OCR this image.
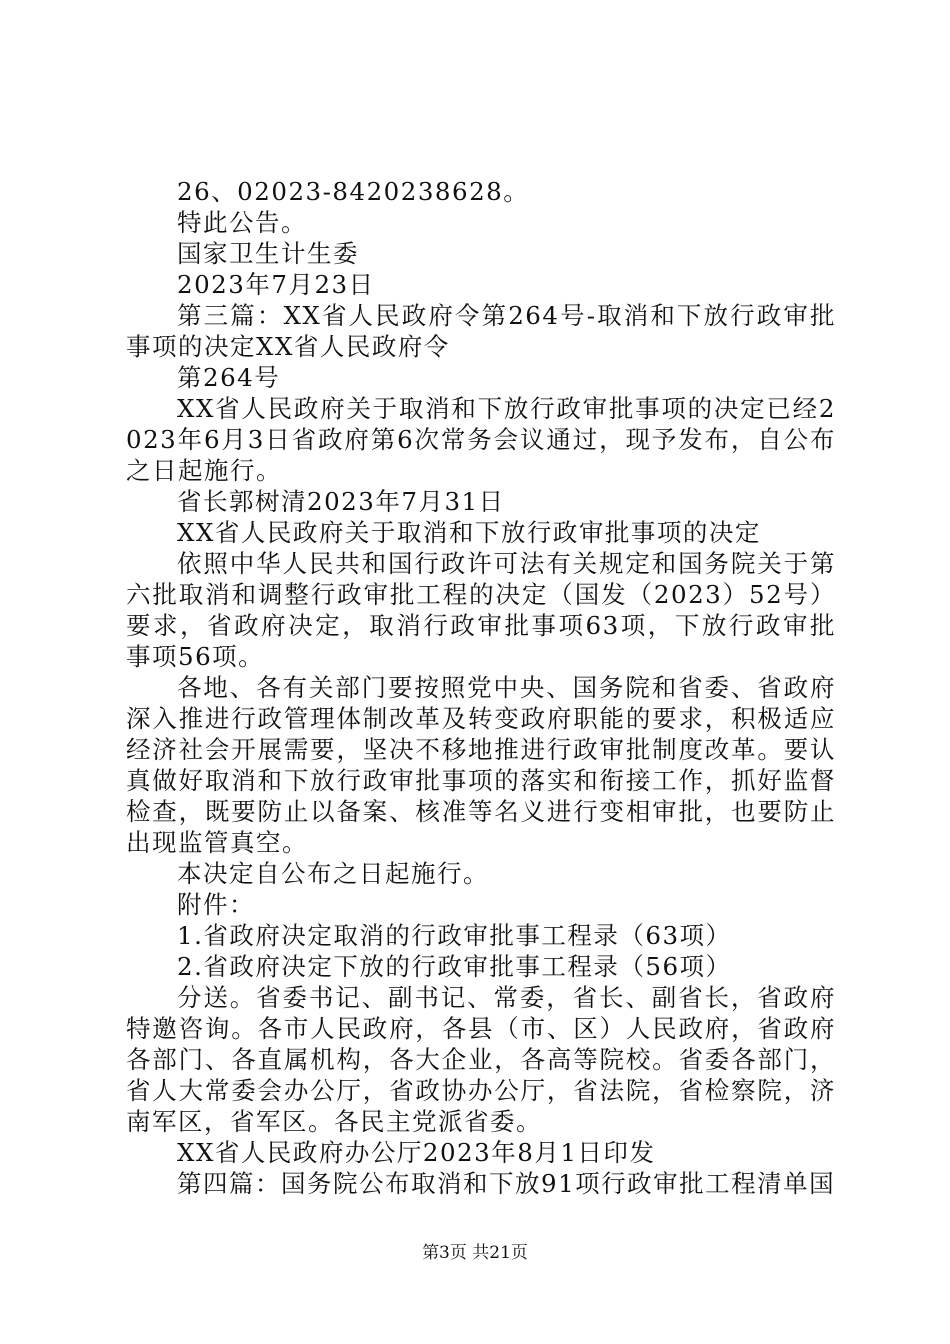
26、02023-8420238628。

特此公告。

国家卫生计生委

2023年7月23日

第三篇：XX省人民政府令第264号-取消和下放行政审批事项的决定XX省人民政府令

第264号

XX省人民政府关于取消和下放行政审批事项的决定已经2023年6月3日省政府第6次常务会议通过，现予发布，自公布之日起施行。

省长郭树清2023年7月31日

XX省人民政府关于取消和下放行政审批事项的决定

依照中华人民共和国行政许可法有关规定和国务院关于第六批取消和调整行政审批工程的决定（国发（2023）52号）要求，省政府决定，取消行政审批事项63项，下放行政审批事项56项。

各地、各有关部门要按照党中央、国务院和省委、省政府深入推进行政管理体制改革及转变政府职能的要求，积极适应经济社会开展需要，坚决不移地推进行政审批制度改革。要认真做好取消和下放行政审批事项的落实和衔接工作，抓好监督检查，既要防止以备案、核准等名义进行变相审批，也要防止出现监管真空。

本决定自公布之日起施行。

附件：

1.省政府决定取消的行政审批事工程录（63项）

2.省政府决定下放的行政审批事工程录（56项）

分送。省委书记、副书记、常委，省长、副省长，省政府特邀咨询。各市人民政府，各县（市、区）人民政府，省政府各部门、各直属机构，各大企业，各高等院校。省委各部门，省人大常委会办公厅，省政协办公厅，省法院，省检察院，济南军区，省军区。各民主党派省委。

XX省人民政府办公厅2023年8月1日印发

第四篇：国务院公布取消和下放91项行政审批工程清单国

第3页 共21页
